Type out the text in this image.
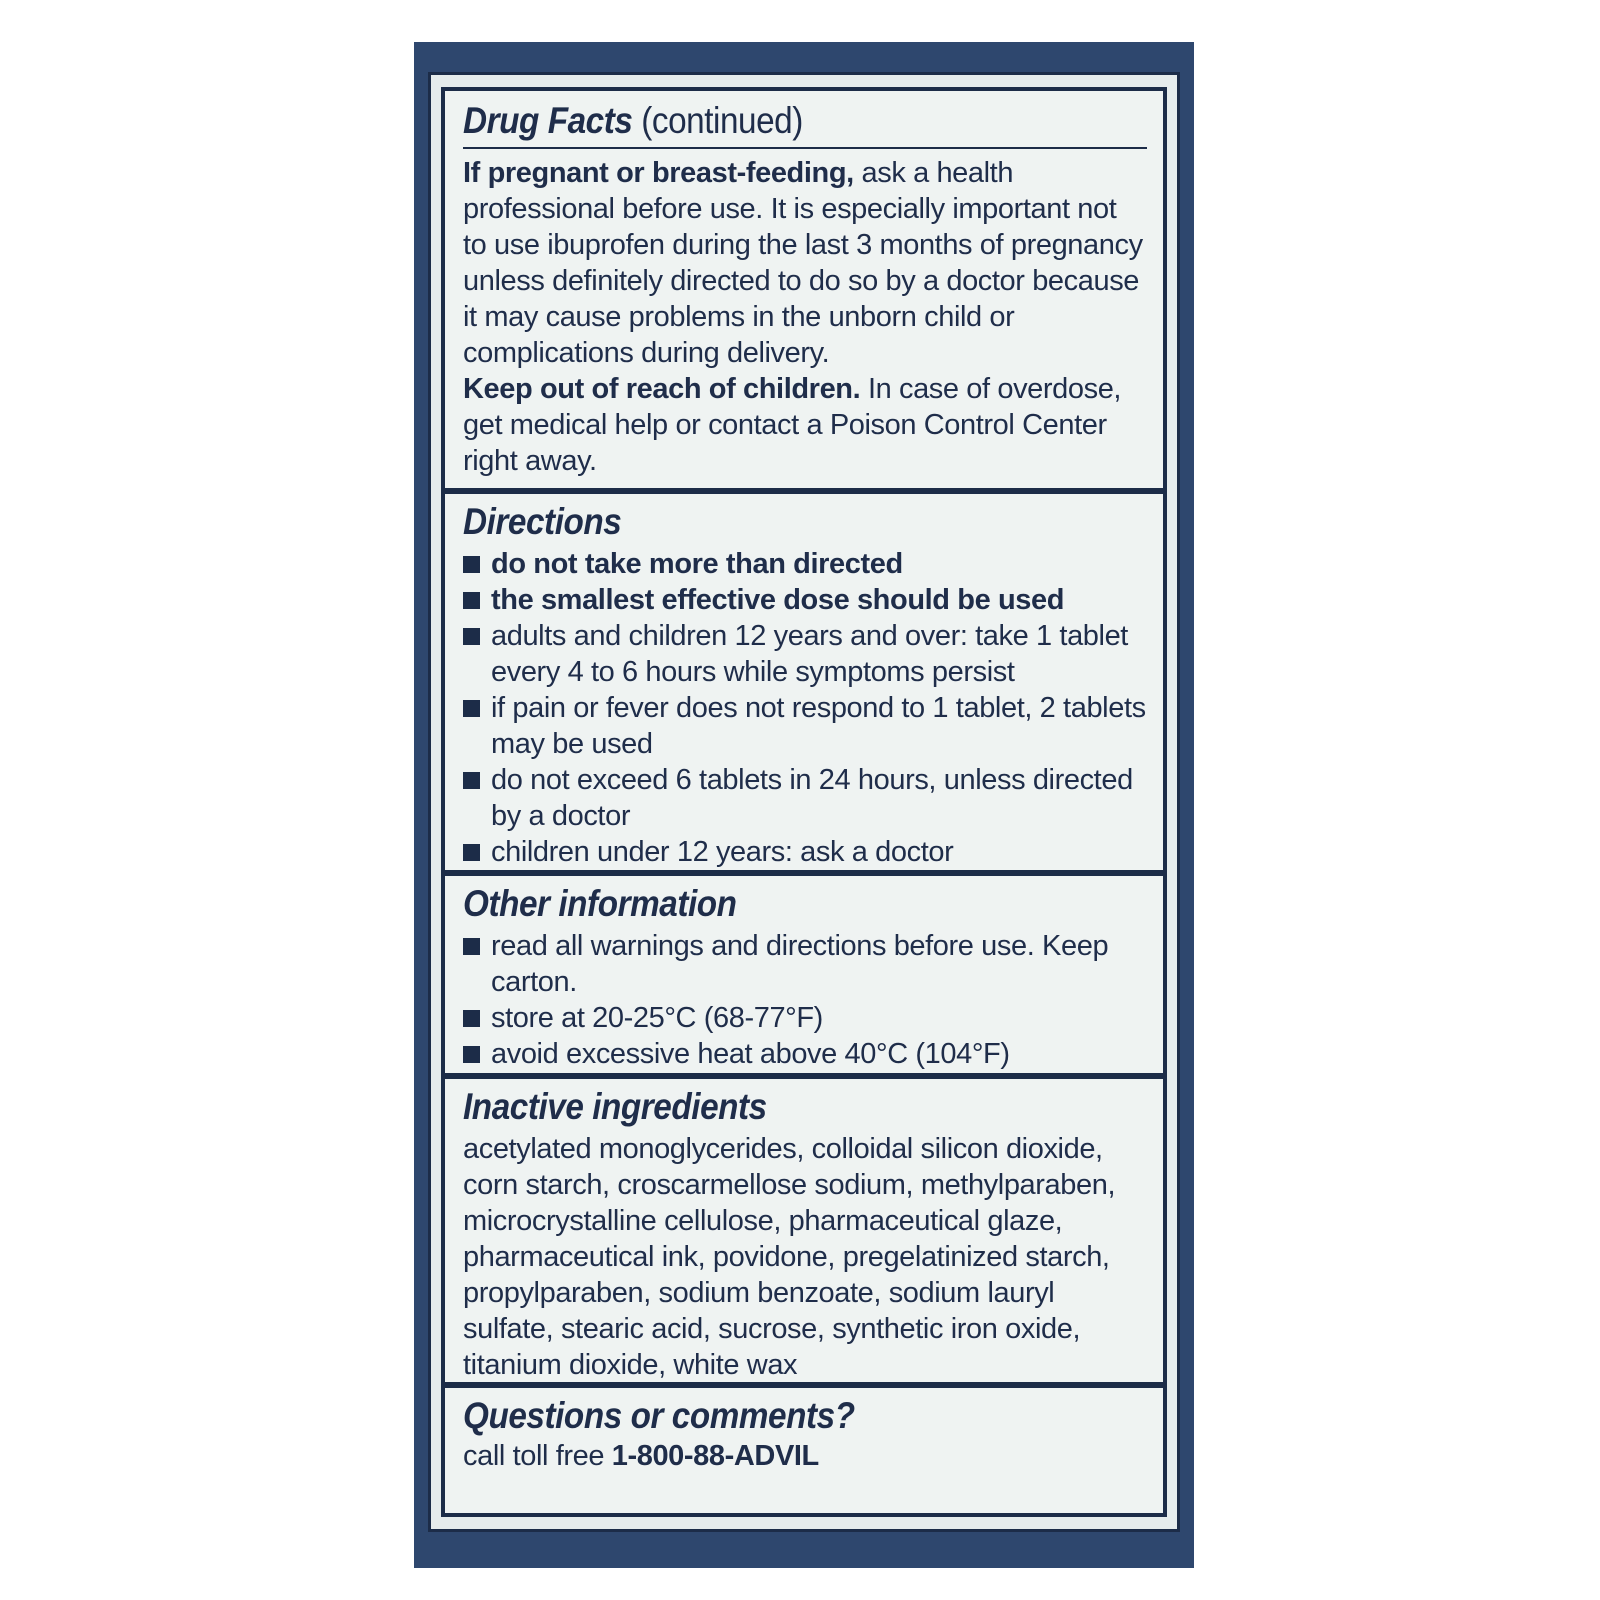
Drug Facts (continued)
If pregnant or breast-feeding, ask a health professional before use. It is especially important not to use ibuprofen during the last 3 months of pregnancy unless definitely directed to do so by a doctor because it may cause problems in the unborn child or complications during delivery.
Keep out of reach of children. In case of overdose, get medical help or contact a Poison Control Center right away.
Directions
do not take more than directed
the smallest effective dose should be used
adults and children 12 years and over: take 1 tablet every 4 to 6 hours while symptoms persist
if pain or fever does not respond to 1 tablet, 2 tablets may be used
do not exceed 6 tablets in 24 hours, unless directed by a doctor
children under 12 years: ask a doctor
Other information
read all warnings and directions before use. Keep carton.
store at 20-25°C (68-77°F)
avoid excessive heat above 40°C (104°F)
Inactive ingredients
acetylated monoglycerides, colloidal silicon dioxide, corn starch, croscarmellose sodium, methylparaben, microcrystalline cellulose, pharmaceutical glaze, pharmaceutical ink, povidone, pregelatinized starch, propylparaben, sodium benzoate, sodium lauryl sulfate, stearic acid, sucrose, synthetic iron oxide, titanium dioxide, white wax
Questions or comments?
call toll free 1-800-88-ADVIL
